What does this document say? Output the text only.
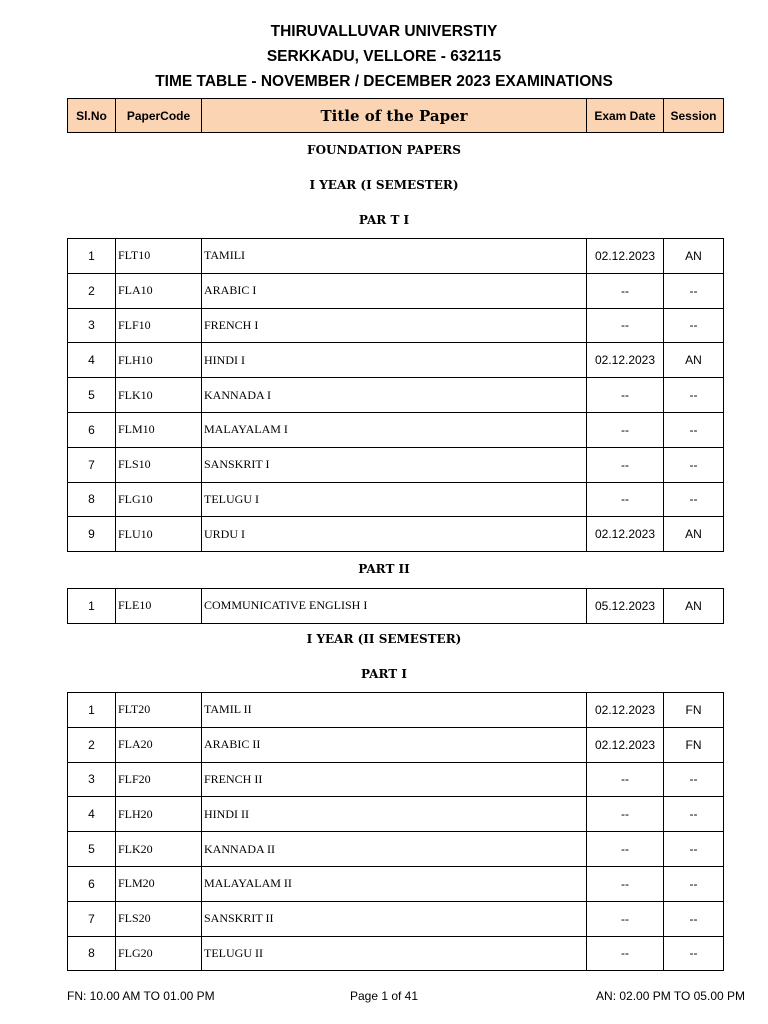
THIRUVALLUVAR UNIVERSTIY
SERKKADU, VELLORE - 632115
TIME TABLE - NOVEMBER / DECEMBER 2023 EXAMINATIONS
Sl.No	PaperCode	Title of the Paper	Exam Date	Session
FOUNDATION PAPERS
I YEAR (I SEMESTER)
PAR T I
1	FLT10	TAMILI	02.12.2023	AN
2	FLA10	ARABIC I	--	--
3	FLF10	FRENCH I	--	--
4	FLH10	HINDI I	02.12.2023	AN
5	FLK10	KANNADA I	--	--
6	FLM10	MALAYALAM I	--	--
7	FLS10	SANSKRIT I	--	--
8	FLG10	TELUGU I	--	--
9	FLU10	URDU I	02.12.2023	AN
PART II
1	FLE10	COMMUNICATIVE ENGLISH I	05.12.2023	AN
I YEAR (II SEMESTER)
PART I
1	FLT20	TAMIL II	02.12.2023	FN
2	FLA20	ARABIC II	02.12.2023	FN
3	FLF20	FRENCH II	--	--
4	FLH20	HINDI II	--	--
5	FLK20	KANNADA II	--	--
6	FLM20	MALAYALAM II	--	--
7	FLS20	SANSKRIT II	--	--
8	FLG20	TELUGU II	--	--
FN: 10.00 AM TO 01.00 PM	Page 1 of 41	AN: 02.00 PM TO 05.00 PM
